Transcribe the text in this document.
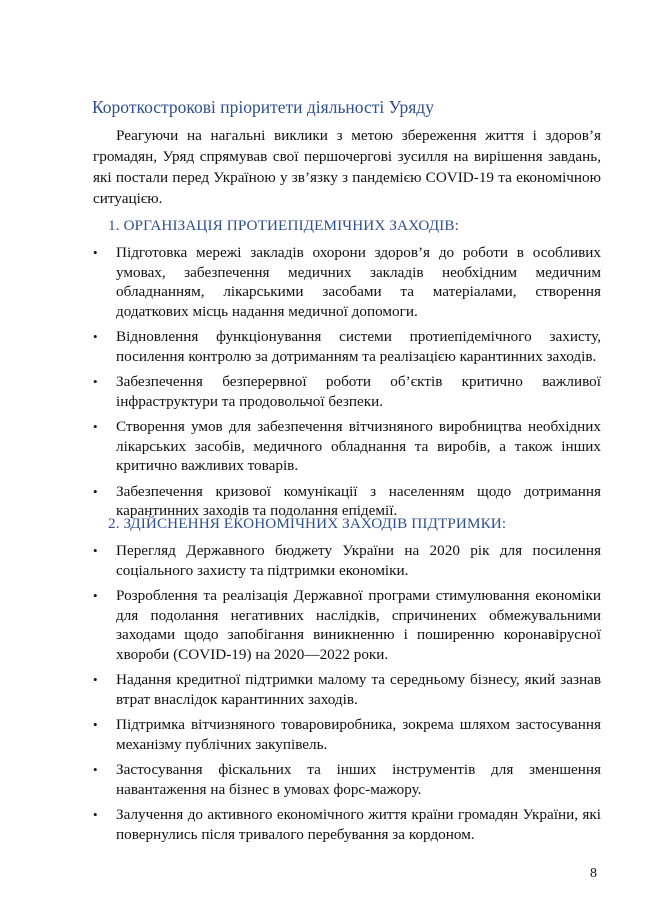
Короткострокові пріоритети діяльності Уряду

Реагуючи на нагальні виклики з метою збереження життя і здоров’я громадян, Уряд спрямував свої першочергові зусилля на вирішення завдань, які постали перед Україною у зв’язку з пандемією COVID-19 та економічною ситуацією.

1. ОРГАНІЗАЦІЯ ПРОТИЕПІДЕМІЧНИХ ЗАХОДІВ:
• Підготовка мережі закладів охорони здоров’я до роботи в особливих умовах, забезпечення медичних закладів необхідним медичним обладнанням, лікарськими засобами та матеріалами, створення додаткових місць надання медичної допомоги.
• Відновлення функціонування системи протиепідемічного захисту, посилення контролю за дотриманням та реалізацією карантинних заходів.
• Забезпечення безперервної роботи об’єктів критично важливої інфраструктури та продовольчої безпеки.
• Створення умов для забезпечення вітчизняного виробництва необхідних лікарських засобів, медичного обладнання та виробів, а також інших критично важливих товарів.
• Забезпечення кризової комунікації з населенням щодо дотримання карантинних заходів та подолання епідемії.
2. ЗДІЙСНЕННЯ ЕКОНОМІЧНИХ ЗАХОДІВ ПІДТРИМКИ:
• Перегляд Державного бюджету України на 2020 рік для посилення соціального захисту та підтримки економіки.
• Розроблення та реалізація Державної програми стимулювання економіки для подолання негативних наслідків, спричинених обмежувальними заходами щодо запобігання виникненню і поширенню коронавірусної хвороби (COVID-19) на 2020—2022 роки.
• Надання кредитної підтримки малому та середньому бізнесу, який зазнав втрат внаслідок карантинних заходів.
• Підтримка вітчизняного товаровиробника, зокрема шляхом застосування механізму публічних закупівель.
• Застосування фіскальних та інших інструментів для зменшення навантаження на бізнес в умовах форс-мажору.
• Залучення до активного економічного життя країни громадян України, які повернулись після тривалого перебування за кордоном.
8
